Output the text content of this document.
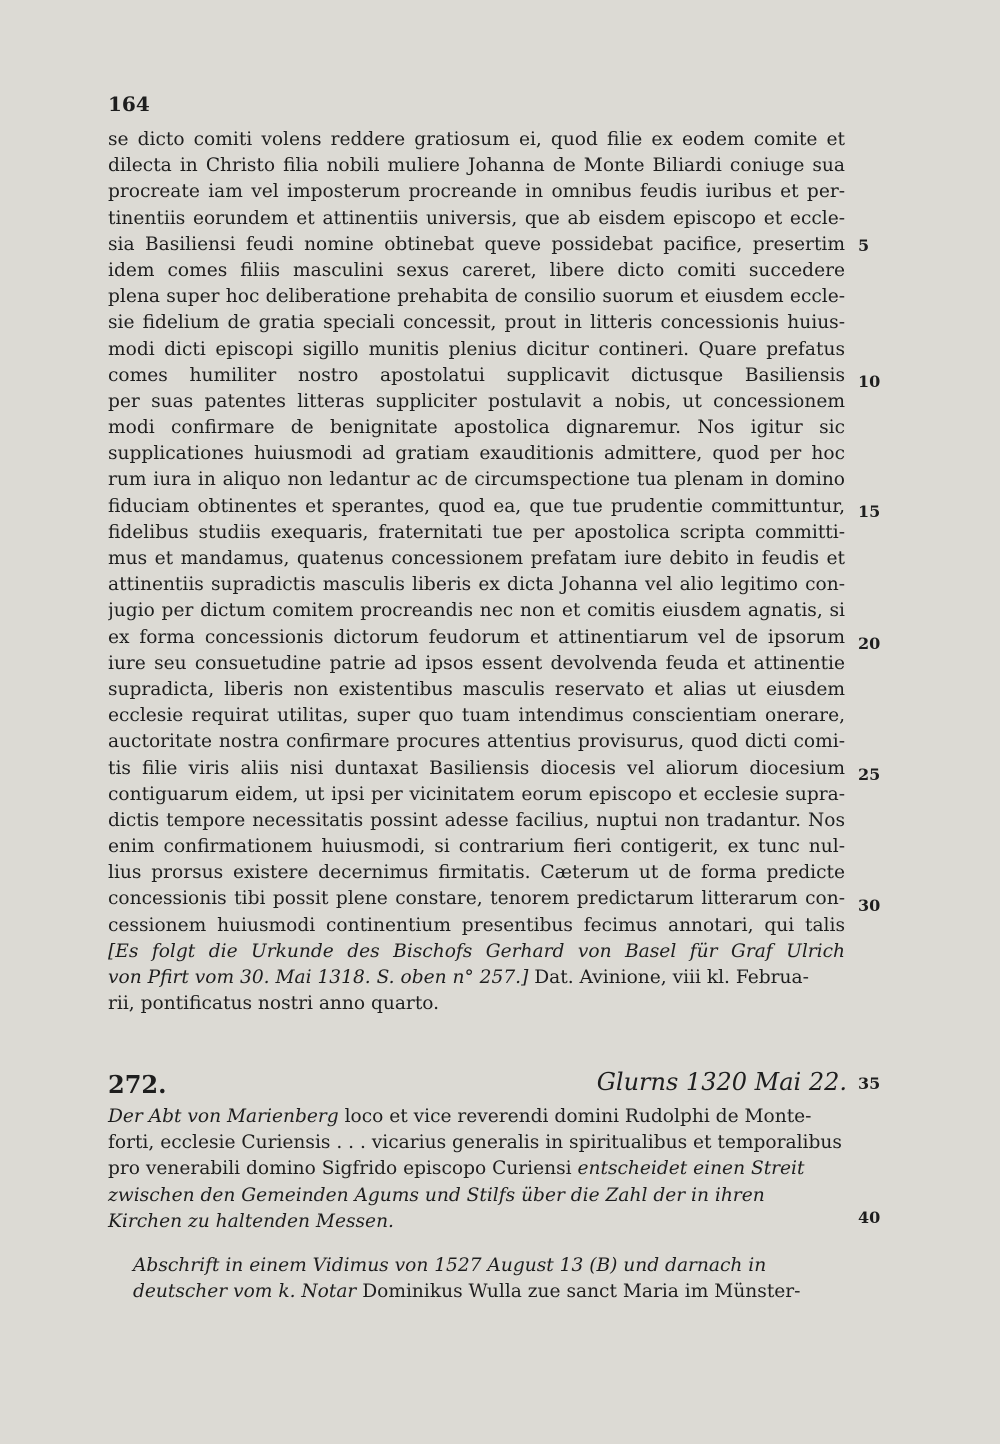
164
se dicto comiti volens reddere gratiosum ei, quod filie ex eodem comite et
dilecta in Christo filia nobili muliere Johanna de Monte Biliardi coniuge sua
procreate iam vel imposterum procreande in omnibus feudis iuribus et per-
tinentiis eorundem et attinentiis universis, que ab eisdem episcopo et eccle-
sia Basiliensi feudi nomine obtinebat queve possidebat pacifice, presertim
idem comes filiis masculini sexus careret, libere dicto comiti succedere
plena super hoc deliberatione prehabita de consilio suorum et eiusdem eccle-
sie fidelium de gratia speciali concessit, prout in litteris concessionis huius-
modi dicti episcopi sigillo munitis plenius dicitur contineri. Quare prefatus
comes humiliter nostro apostolatui supplicavit dictusque Basiliensis
per suas patentes litteras suppliciter postulavit a nobis, ut concessionem
modi confirmare de benignitate apostolica dignaremur. Nos igitur sic
supplicationes huiusmodi ad gratiam exauditionis admittere, quod per hoc
rum iura in aliquo non ledantur ac de circumspectione tua plenam in domino
fiduciam obtinentes et sperantes, quod ea, que tue prudentie committuntur,
fidelibus studiis exequaris, fraternitati tue per apostolica scripta committi-
mus et mandamus, quatenus concessionem prefatam iure debito in feudis et
attinentiis supradictis masculis liberis ex dicta Johanna vel alio legitimo con-
jugio per dictum comitem procreandis nec non et comitis eiusdem agnatis, si
ex forma concessionis dictorum feudorum et attinentiarum vel de ipsorum
iure seu consuetudine patrie ad ipsos essent devolvenda feuda et attinentie
supradicta, liberis non existentibus masculis reservato et alias ut eiusdem
ecclesie requirat utilitas, super quo tuam intendimus conscientiam onerare,
auctoritate nostra confirmare procures attentius provisurus, quod dicti comi-
tis filie viris aliis nisi duntaxat Basiliensis diocesis vel aliorum diocesium
contiguarum eidem, ut ipsi per vicinitatem eorum episcopo et ecclesie supra-
dictis tempore necessitatis possint adesse facilius, nuptui non tradantur. Nos
enim confirmationem huiusmodi, si contrarium fieri contigerit, ex tunc nul-
lius prorsus existere decernimus firmitatis. Cæterum ut de forma predicte
concessionis tibi possit plene constare, tenorem predictarum litterarum con-
cessionem huiusmodi continentium presentibus fecimus annotari, qui talis
[Es folgt die Urkunde des Bischofs Gerhard von Basel für Graf Ulrich
von Pfirt vom 30. Mai 1318. S. oben n° 257.] Dat. Avinione, viii kl. Februa-
rii, pontificatus nostri anno quarto.
5
10
15
20
25
30
35
40
272.	Glurns 1320 Mai 22.
Der Abt von Marienberg loco et vice reverendi domini Rudolphi de Monte-
forti, ecclesie Curiensis . . . vicarius generalis in spiritualibus et temporalibus
pro venerabili domino Sigfrido episcopo Curiensi entscheidet einen Streit
zwischen den Gemeinden Agums und Stilfs über die Zahl der in ihren
Kirchen zu haltenden Messen.
Abschrift in einem Vidimus von 1527 August 13 (B) und darnach in
deutscher vom k. Notar Dominikus Wulla zue sanct Maria im Münster-
